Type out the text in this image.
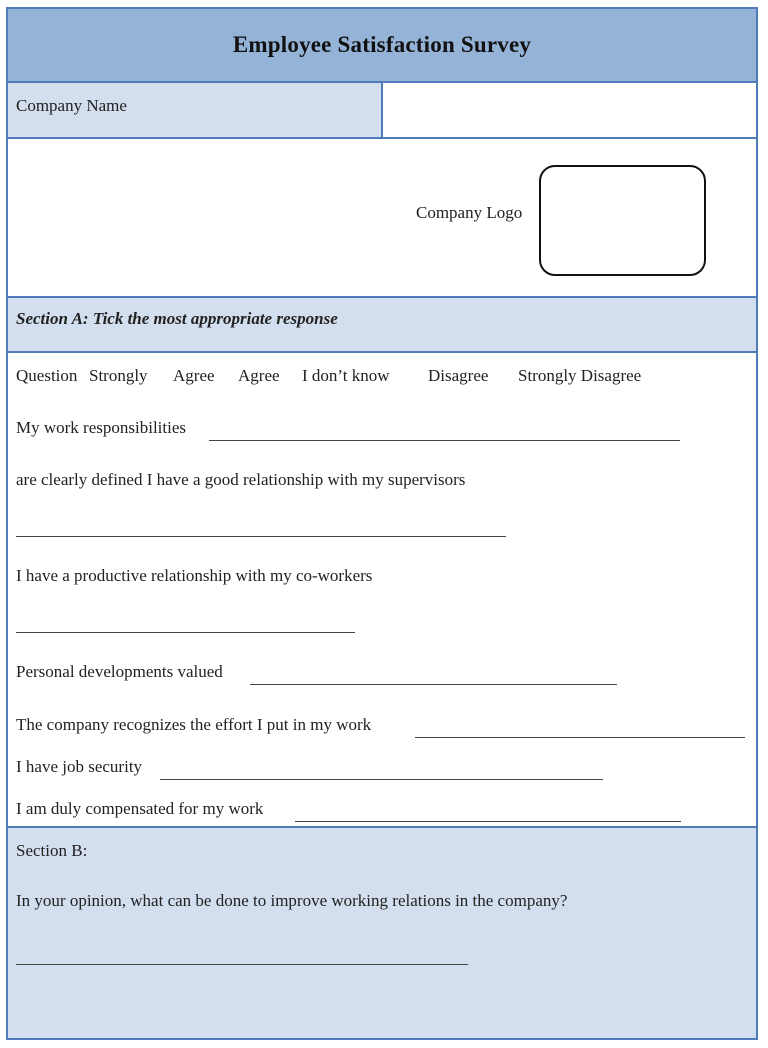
Employee Satisfaction Survey
Company Name
Company Logo
Section A: Tick the most appropriate response
Question Strongly Agree Agree I don’t know Disagree Strongly Disagree
My work responsibilities
are clearly defined I have a good relationship with my supervisors
I have a productive relationship with my co-workers
Personal developments valued
The company recognizes the effort I put in my work
I have job security
I am duly compensated for my work
Section B:
In your opinion, what can be done to improve working relations in the company?
